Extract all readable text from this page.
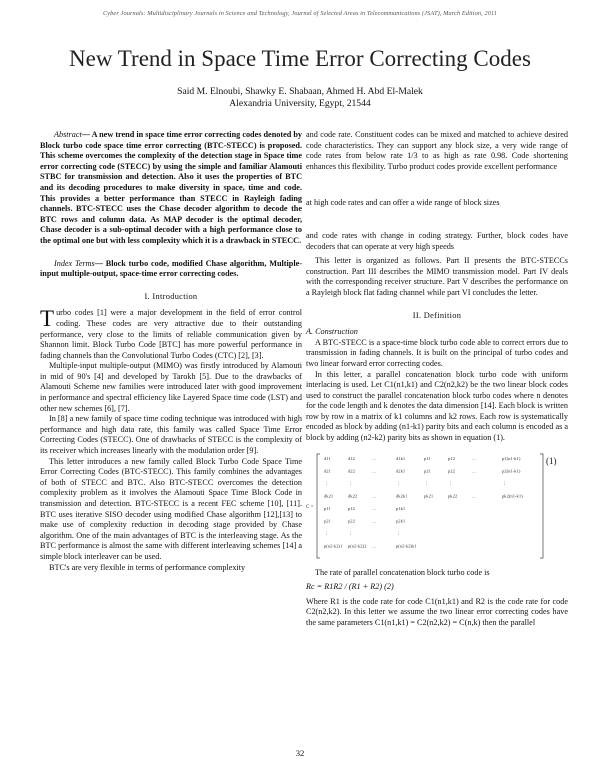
Cyber Journals: Multidisciplinary Journals in Science and Technology, Journal of Selected Areas in Telecommunications (JSAT), March Edition, 2011
New Trend in Space Time Error Correcting Codes
Said M. Elnoubi, Shawky E. Shabaan, Ahmed H. Abd El-Malek
Alexandria University, Egypt, 21544

Abstract— A new trend in space time error correcting codes denoted by Block turbo code space time error correcting (BTC-STECC) is proposed. This scheme overcomes the complexity of the detection stage in Space time error correcting code (STECC) by using the simple and familiar Alamouti STBC for transmission and detection. Also it uses the properties of BTC and its decoding procedures to make diversity in space, time and code. This provides a better performance than STECC in Rayleigh fading channels. BTC-STECC uses the Chase decoder algorithm to decode the BTC rows and column data. As MAP decoder is the optimal decoder, Chase decoder is a sub-optimal decoder with a high performance close to the optimal one but with less complexity which it is a drawback in STECC.

Index Terms— Block turbo code, modified Chase algorithm, Multiple-input multiple-output, space-time error correcting codes.

I. Introduction

Turbo codes [1] were a major development in the field of error control coding. These codes are very attractive due to their outstanding performance, very close to the limits of reliable communication given by Shannon limit. Block Turbo Code [BTC] has more powerful performance in fading channels than the Convolutional Turbo Codes (CTC) [2], [3].

Multiple-input multiple-output (MIMO) was firstly introduced by Alamouti in mid of 90's [4] and developed by Tarokh [5]. Due to the drawbacks of Alamouti Scheme new families were introduced later with good improvement in performance and spectral efficiency like Layered Space time code (LST) and other new schemes [6], [7].

In [8] a new family of space time coding technique was introduced with high performance and high data rate, this family was called Space Time Error Correcting Codes (STECC). One of drawbacks of STECC is the complexity of its receiver which increases linearly with the modulation order [9].

This letter introduces a new family called Block Turbo Code Space Time Error Correcting Codes (BTC-STECC). This family combines the advantages of both of STECC and BTC. Also BTC-STECC overcomes the detection complexity problem as it involves the Alamouti Space Time Block Code in transmission and detection. BTC-STECC is a recent FEC scheme [10], [11]. BTC uses iterative SISO decoder using modified Chase algorithm [12],[13] to make use of complexity reduction in decoding stage provided by Chase algorithm. One of the main advantages of BTC is the interleaving stage. As the BTC performance is almost the same with different interleaving schemes [14] a simple block interleaver can be used.

BTC's are very flexible in terms of performance complexity

and code rate. Constituent codes can be mixed and matched to achieve desired code characteristics. They can support any block size, a very wide range of code rates from below rate 1/3 to as high as rate 0.98. Code shortening enhances this flexibility. Turbo product codes provide excellent performance

at high code rates and can offer a wide range of block sizes

and code rates with change in coding strategy. Further, block codes have decoders that can operate at very high speeds

This letter is organized as follows. Part II presents the BTC-STECCs construction. Part III describes the MIMO transmission model. Part IV deals with the corresponding receiver structure. Part V describes the performance on a Rayleigh block flat fading channel while part VI concludes the letter.

II. Definition
A. Construction

A BTC-STECC is a space-time block turbo code able to correct errors due to transmission in fading channels. It is built on the principal of turbo codes and two linear forward error correcting codes.

In this letter, a parallel concatenation block turbo code with uniform interlacing is used. Let C1(n1,k1) and C2(n2,k2) be the two linear block codes used to construct the parallel concatenation block turbo codes where n denotes for the code length and k denotes the data dimension [14]. Each block is written row by row in a matrix of k1 columns and k2 rows. Each row is systematically encoded as block by adding (n1-k1) parity bits and each column is encoded as a block by adding (n2-k2) parity bits as shown in equation (1).

C =
(1)
d11	d12	…	d1k1	p11	p12	…	p1(n1-k1)
d21	d22	…	d2k1	p21	p22	…	p2(n1-k1)
⋮	⋮	⋮	⋮	⋮	⋮
dk21	dk22	…	dk2k1	pk21	pk22	…	pk2(n1-k1)
p11	p12	…	p1k1
p21	p22	…	p2k1
⋮	⋮	⋮
p(n2-k2)1 p(n2-k2)2 …	p(n2-k2)k1

The rate of parallel concatenation block turbo code is

Rc = R1R2 / (R1 + R2) (2)

Where R1 is the code rate for code C1(n1,k1) and R2 is the code rate for code C2(n2,k2). In this letter we assume the two linear error correcting codes have the same parameters C1(n1,k1) = C2(n2,k2) = C(n,k) then the parallel

32
